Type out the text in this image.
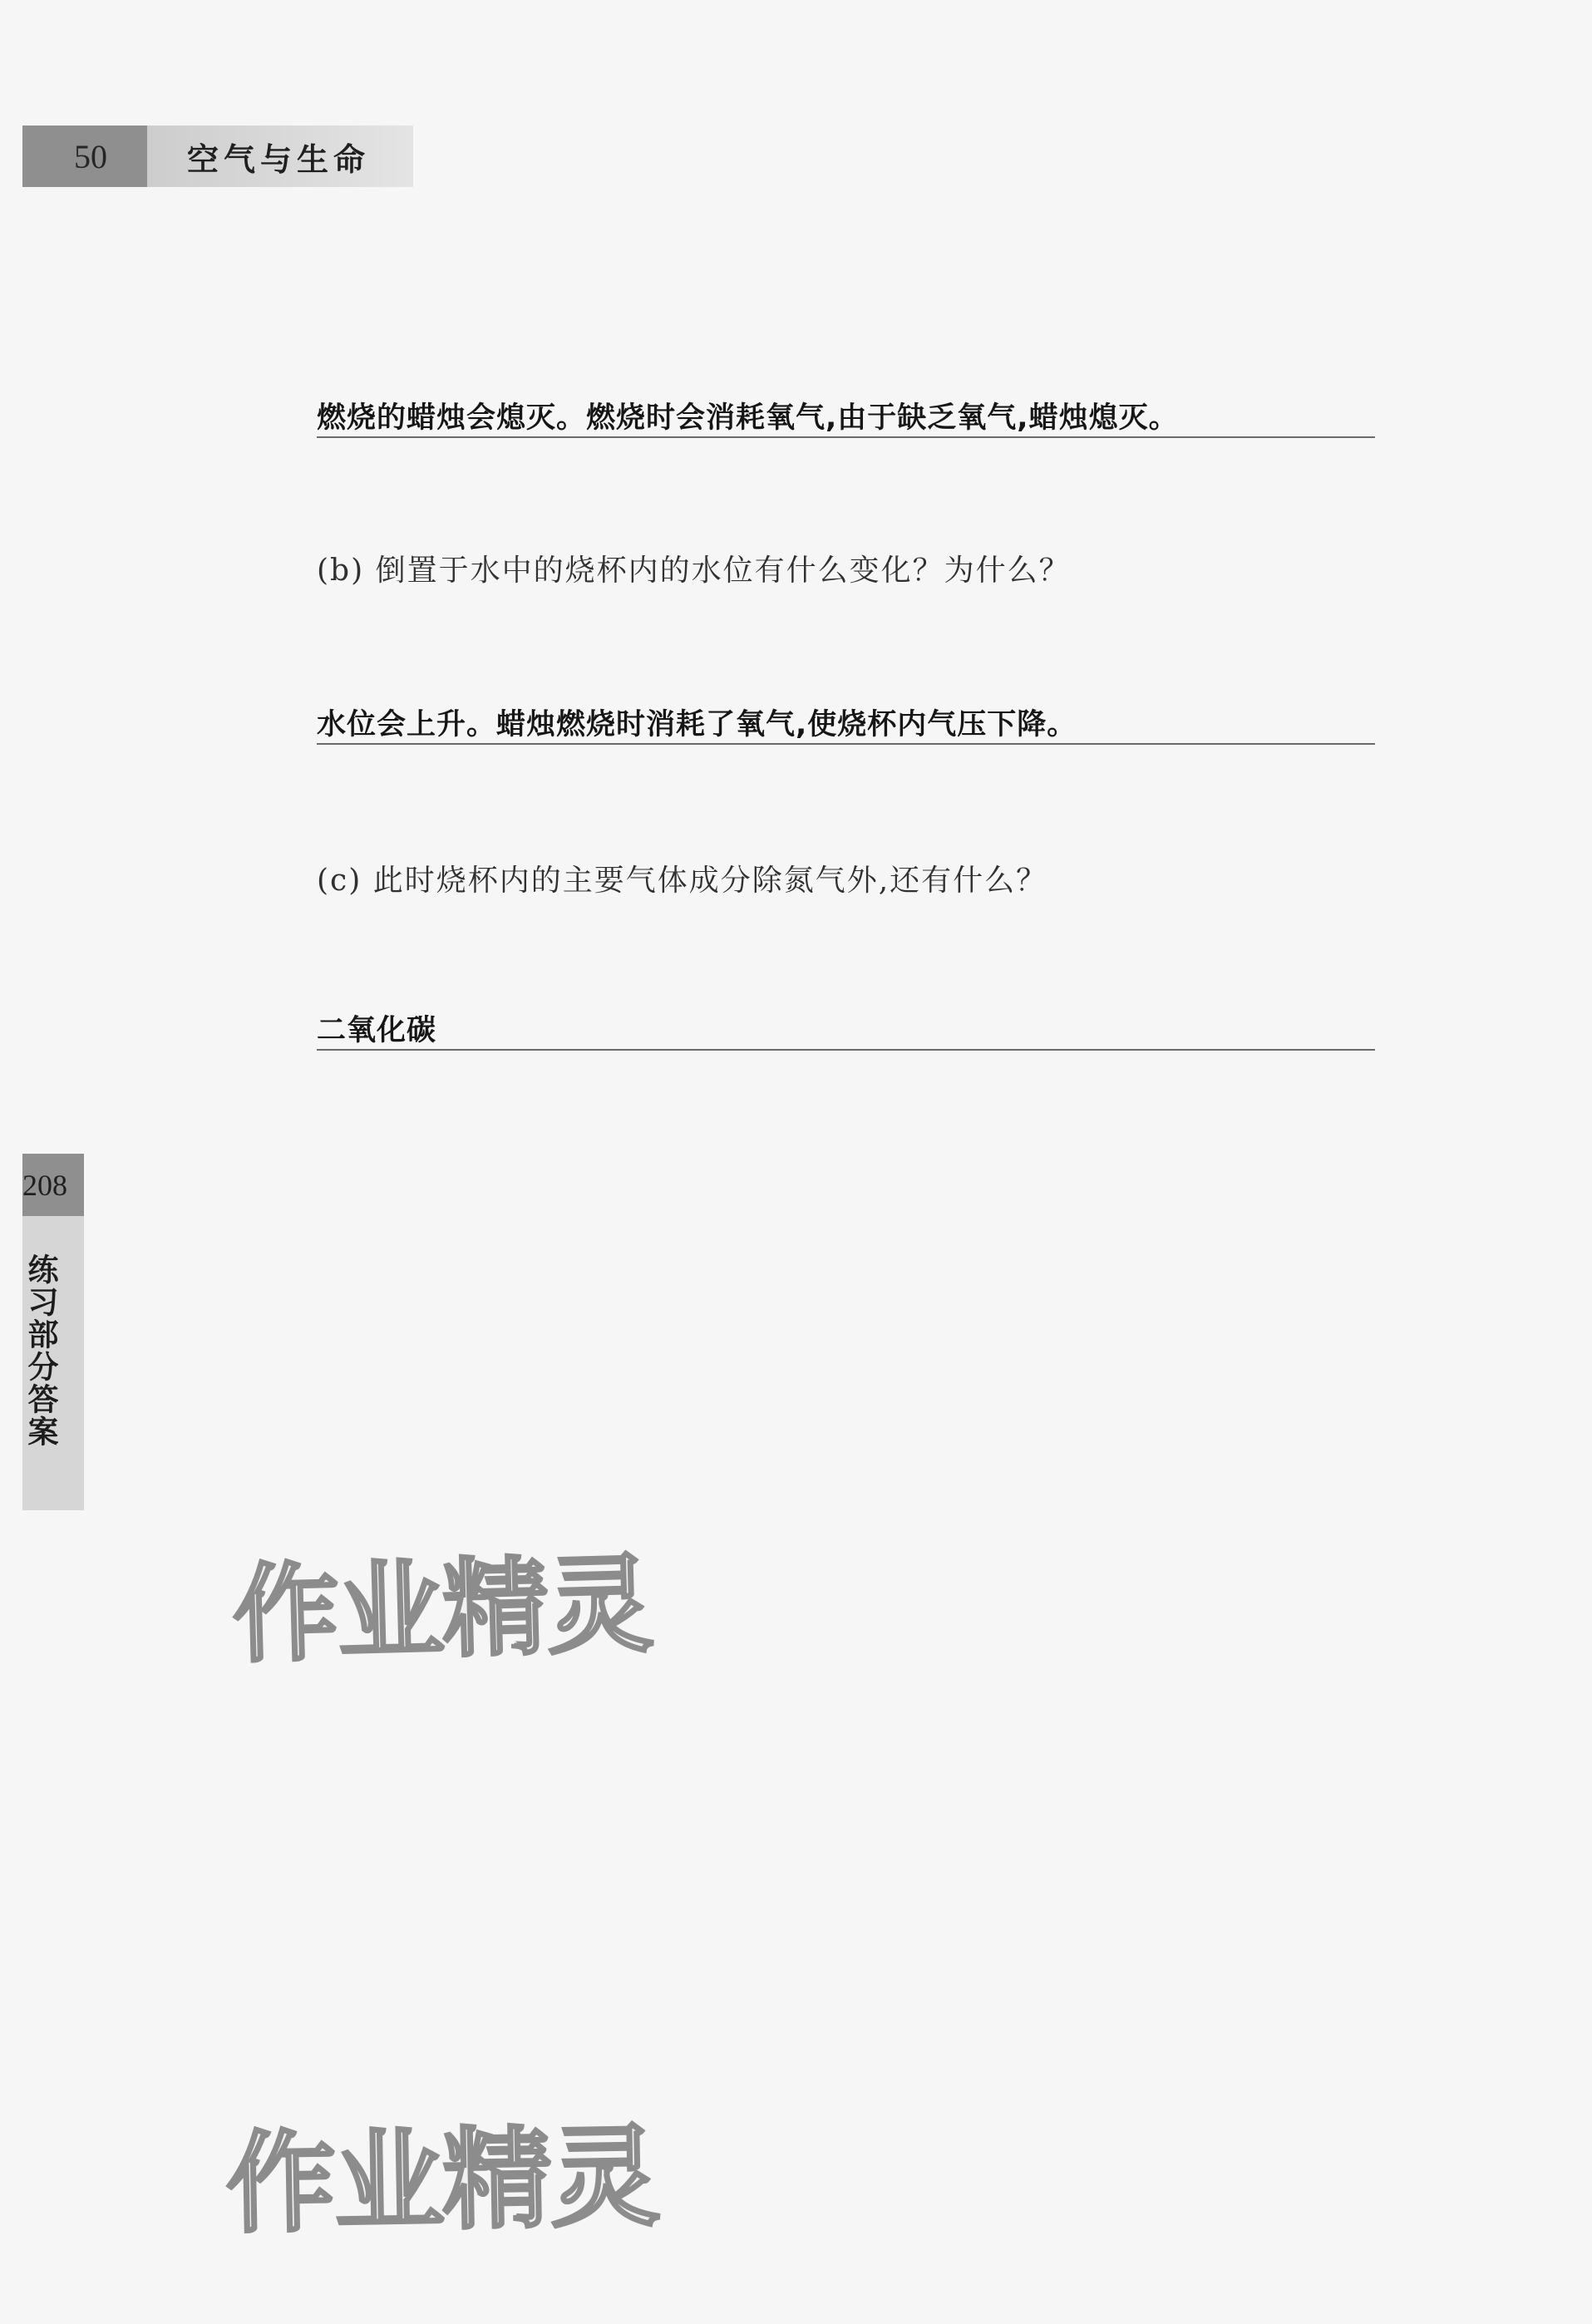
50	空气与生命
燃烧的蜡烛会熄灭。燃烧时会消耗氧气,由于缺乏氧气,蜡烛熄灭。
(b) 倒置于水中的烧杯内的水位有什么变化？为什么？
水位会上升。蜡烛燃烧时消耗了氧气,使烧杯内气压下降。
(c) 此时烧杯内的主要气体成分除氮气外,还有什么？
二氧化碳
208
练习部分答案
作业精灵
作业精灵
